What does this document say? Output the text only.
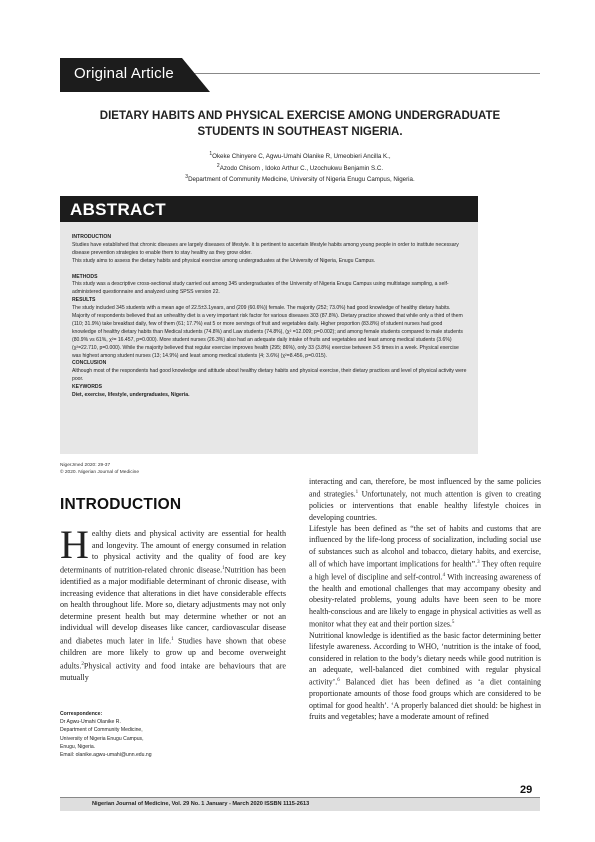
Original Article
DIETARY HABITS AND PHYSICAL EXERCISE AMONG UNDERGRADUATE
STUDENTS IN SOUTHEAST NIGERIA.
$^1$Okeke Chinyere C, Agwu-Umahi Olanike R, Umeobieri Ancilla K.,
$^2$Azodo Chisom , Idoko Arthur C., Uzochukwu Benjamin S.C.
$^3$Department of Community Medicine, University of Nigeria Enugu Campus, Nigeria.
ABSTRACT

INTRODUCTION

Studies have established that chronic diseases are largely diseases of lifestyle. It is pertinent to ascertain lifestyle habits among young people in order to institute necessary disease prevention strategies to enable them to stay healthy as they grow older.

This study aims to assess the dietary habits and physical exercise among undergraduates at the University of Nigeria, Enugu Campus.

METHODS

This study was a descriptive cross-sectional study carried out among 345 undergraduates of the University of Nigeria Enugu Campus using multistage sampling, a self-administered questionnaire and analyzed using SPSS version 22.

RESULTS

The study included 345 students with a mean age of 22.5±3.1years, and (209 (60.6%)) female. The majority (252; 73.0%) had good knowledge of healthy dietary habits. Majority of respondents believed that an unhealthy diet is a very important risk factor for various diseases 303 (87.8%). Dietary practice showed that while only a third of them (110; 31.9%) take breakfast daily, few of them (61; 17.7%) eat 5 or more servings of fruit and vegetables daily. Higher proportion (83.8%) of student nurses had good knowledge of healthy dietary habits than Medical students (74.8%) and Law students (74.8%), (χ² =12.009; p=0.002); and among female students compared to male students (80.9% vs 61%, χ²= 16.457, p=0.000). More student nurses (26.3%) also had an adequate daily intake of fruits and vegetables and least among medical students (3.6%) (χ²=22.710, p=0.000). While the majority believed that regular exercise improves health (295; 86%), only 33 (3.8%) exercise between 3-5 times in a week. Physical exercise was highest among student nurses (13; 14.9%) and least among medical students (4; 3.6%) (χ²=8.456, p=0.015).

CONCLUSION

Although most of the respondents had good knowledge and attitude about healthy dietary habits and physical exercise, their dietary practices and level of physical activity were poor.

KEYWORDS

Diet, exercise, lifestyle, undergraduates, Nigeria.

NigerJmed 2020: 29-37
© 2020. Nigerian Journal of Medicine
INTRODUCTION

Healthy diets and physical activity are essential for health and longevity. The amount of energy consumed in relation to physical activity and the quality of food are key determinants of nutrition-related chronic disease.$^1$Nutrition has been identified as a major modifiable determinant of chronic disease, with increasing evidence that alterations in diet have considerable effects on health throughout life. More so, dietary adjustments may not only determine present health but may determine whether or not an individual will develop diseases like cancer, cardiovascular disease and diabetes much later in life.$^1$ Studies have shown that obese children are more likely to grow up and become overweight adults.$^2$Physical activity and food intake are behaviours that are mutually

interacting and can, therefore, be most influenced by the same policies and strategies.$^1$ Unfortunately, not much attention is given to creating policies or interventions that enable healthy lifestyle choices in developing countries.

Lifestyle has been defined as “the set of habits and customs that are influenced by the life-long process of socialization, including social use of substances such as alcohol and tobacco, dietary habits, and exercise, all of which have important implications for health”.$^3$ They often require a high level of discipline and self-control.$^4$ With increasing awareness of the health and emotional challenges that may accompany obesity and obesity-related problems, young adults have been seen to be more health-conscious and are likely to engage in physical activities as well as monitor what they eat and their portion sizes.$^5$

Nutritional knowledge is identified as the basic factor determining better lifestyle awareness. According to WHO, ‘nutrition is the intake of food, considered in relation to the body’s dietary needs while good nutrition is an adequate, well-balanced diet combined with regular physical activity’.$^6$ Balanced diet has been defined as ‘a diet containing proportionate amounts of those food groups which are considered to be optimal for good health’. ‘A properly balanced diet should: be highest in fruits and vegetables; have a moderate amount of refined

Correspondence:
Dr Agwu-Umahi Olanike R.
Department of Community Medicine,
University of Nigeria Enugu Campus,
Enugu, Nigeria.
Email: olanike.agwu-umahi@unn.edu.ng
29
Nigerian Journal of Medicine, Vol. 29 No. 1 January - March 2020 ISSBN 1115-2613
